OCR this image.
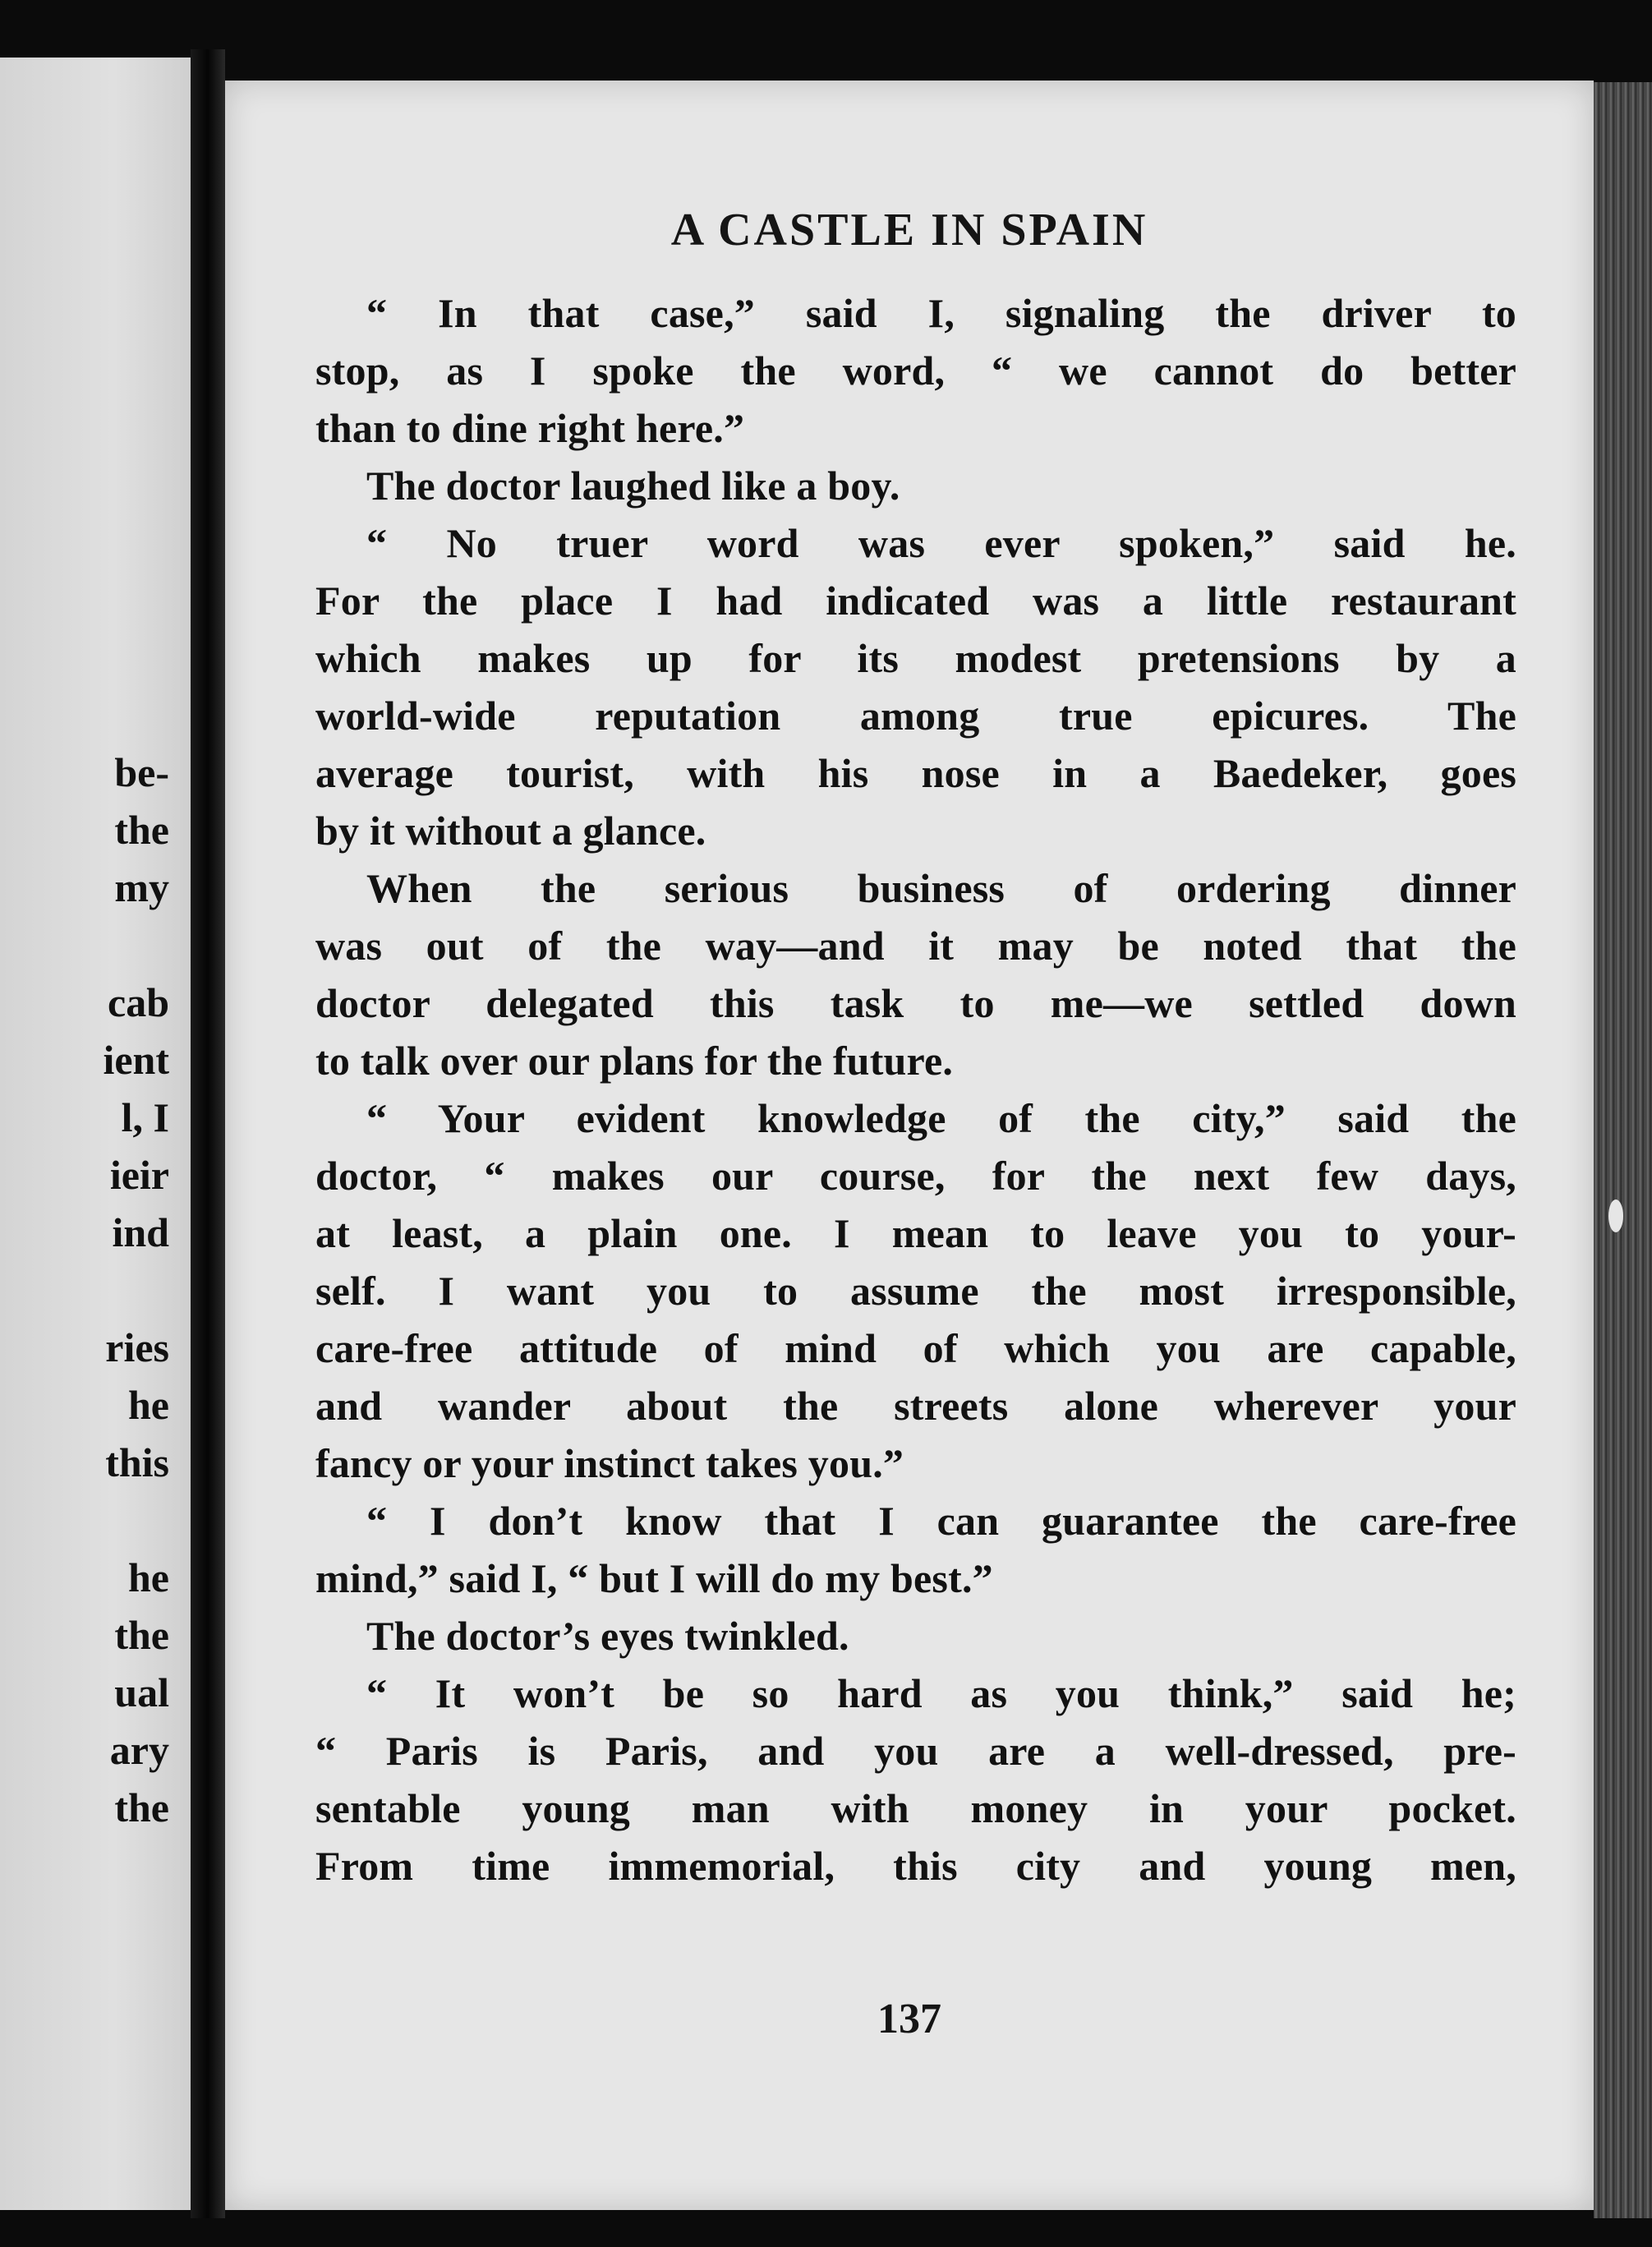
be-
the
my
cab
ient
l, I
ieir
ind
ries
he
this
he
the
ual
ary
the
A CASTLE IN SPAIN
“ In that case,” said I, signaling the driver to
stop, as I spoke the word, “ we cannot do better
than to dine right here.”
The doctor laughed like a boy.
“ No truer word was ever spoken,” said he.
For the place I had indicated was a little restaurant
which makes up for its modest pretensions by a
world-wide reputation among true epicures. The
average tourist, with his nose in a Baedeker, goes
by it without a glance.
When the serious business of ordering dinner
was out of the way—and it may be noted that the
doctor delegated this task to me—we settled down
to talk over our plans for the future.
“ Your evident knowledge of the city,” said the
doctor, “ makes our course, for the next few days,
at least, a plain one. I mean to leave you to your-
self. I want you to assume the most irresponsible,
care-free attitude of mind of which you are capable,
and wander about the streets alone wherever your
fancy or your instinct takes you.”
“ I don’t know that I can guarantee the care-free
mind,” said I, “ but I will do my best.”
The doctor’s eyes twinkled.
“ It won’t be so hard as you think,” said he;
“ Paris is Paris, and you are a well-dressed, pre-
sentable young man with money in your pocket.
From time immemorial, this city and young men,
137
